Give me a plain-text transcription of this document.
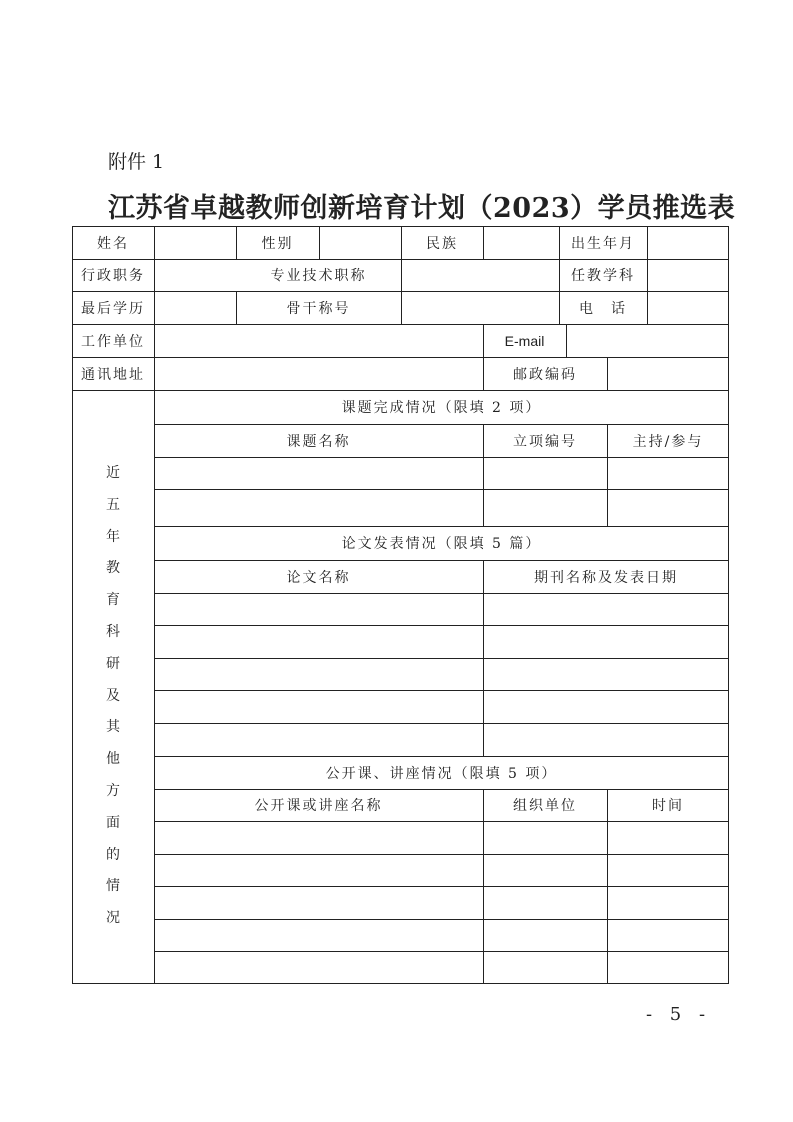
附件 1
江苏省卓越教师创新培育计划（2023）学员推选表
姓名	性别	民族	出生年月
行政职务	专业技术职称	任教学科
最后学历	骨干称号	电　话
工作单位	E-mail
通讯地址	邮政编码
近
五
年
教
育
科
研
及
其
他
方
面
的
情
况
课题完成情况（限填 2 项）
课题名称	立项编号	主持/参与
论文发表情况（限填 5 篇）
论文名称	期刊名称及发表日期
公开课、讲座情况（限填 5 项）
公开课或讲座名称	组织单位	时间
- 5 -
